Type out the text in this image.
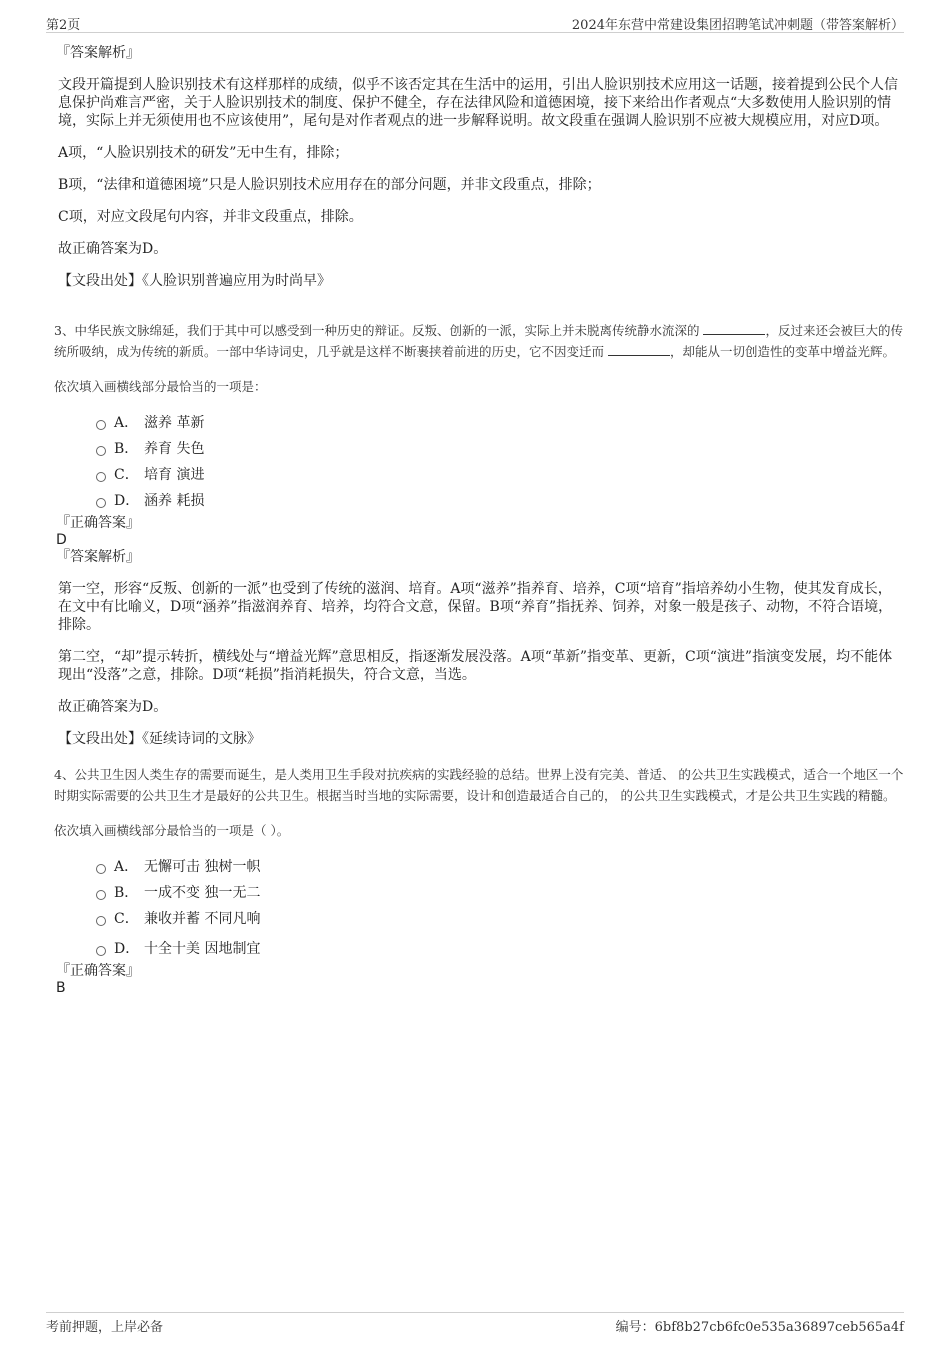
第2页	2024年东营中常建设集团招聘笔试冲刺题（带答案解析）
『答案解析』

文段开篇提到人脸识别技术有这样那样的成绩，似乎不该否定其在生活中的运用，引出人脸识别技术应用这一话题，接着提到公民个人信息保护尚难言严密，关于人脸识别技术的制度、保护不健全，存在法律风险和道德困境，接下来给出作者观点“大多数使用人脸识别的情境，实际上并无须使用也不应该使用”，尾句是对作者观点的进一步解释说明。故文段重在强调人脸识别不应被大规模应用，对应D项。

A项，“人脸识别技术的研发”无中生有，排除；

B项，“法律和道德困境”只是人脸识别技术应用存在的部分问题，并非文段重点，排除；

C项，对应文段尾句内容，并非文段重点，排除。

故正确答案为D。

【文段出处】《人脸识别普遍应用为时尚早》

3、中华民族文脉绵延，我们于其中可以感受到一种历史的辩证。反叛、创新的一派，实际上并未脱离传统静水流深的	，反过来还会被巨大的传统所吸纳，成为传统的新质。一部中华诗词史，几乎就是这样不断裹挟着前进的历史，它不因变迁而	，却能从一切创造性的变革中增益光辉。
依次填入画横线部分最恰当的一项是：
A． 滋养 革新
B． 养育 失色
C． 培育 演进
D． 涵养 耗损
『正确答案』
D
『答案解析』

第一空，形容“反叛、创新的一派”也受到了传统的滋润、培育。A项“滋养”指养育、培养，C项“培育”指培养幼小生物，使其发育成长，在文中有比喻义，D项“涵养”指滋润养育、培养，均符合文意，保留。B项“养育”指抚养、饲养，对象一般是孩子、动物，不符合语境，排除。

第二空，“却”提示转折，横线处与“增益光辉”意思相反，指逐渐发展没落。A项“革新”指变革、更新，C项“演进”指演变发展，均不能体现出“没落”之意，排除。D项“耗损”指消耗损失，符合文意，当选。

故正确答案为D。

【文段出处】《延续诗词的文脉》

4、公共卫生因人类生存的需要而诞生，是人类用卫生手段对抗疾病的实践经验的总结。世界上没有完美、普适、 的公共卫生实践模式，适合一个地区一个时期实际需要的公共卫生才是最好的公共卫生。根据当时当地的实际需要，设计和创造最适合自己的， 的公共卫生实践模式，才是公共卫生实践的精髓。
依次填入画横线部分最恰当的一项是（ ）。
A． 无懈可击 独树一帜
B． 一成不变 独一无二
C． 兼收并蓄 不同凡响
D． 十全十美 因地制宜
『正确答案』
B
考前押题，上岸必备	编号：6bf8b27cb6fc0e535a36897ceb565a4f
